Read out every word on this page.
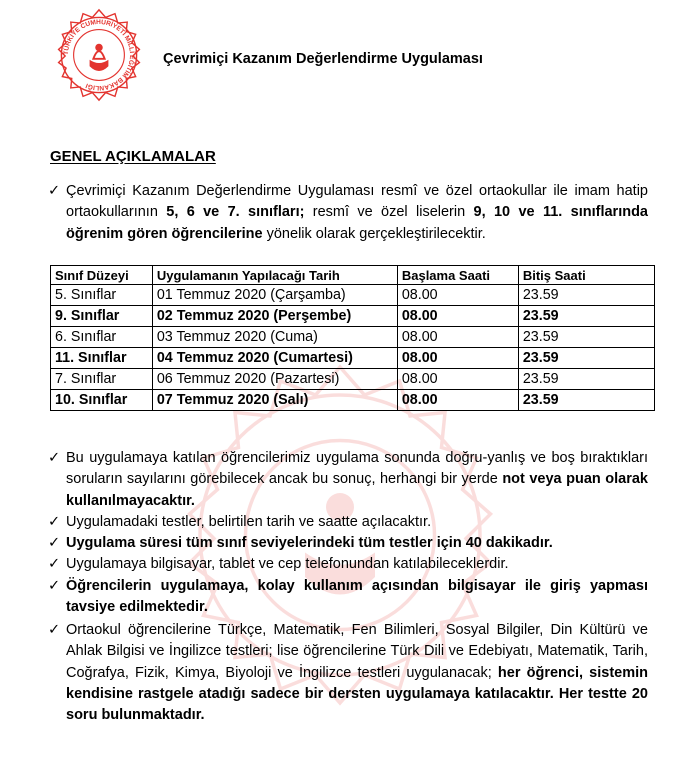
TÜRKİYE CUMHURİYETİ MİLLİ EĞİTİM BAKANLIĞI
Çevrimiçi Kazanım Değerlendirme Uygulaması
GENEL AÇIKLAMALAR
✓ Çevrimiçi Kazanım Değerlendirme Uygulaması resmî ve özel ortaokullar ile imam hatip ortaokullarının 5, 6 ve 7. sınıfları; resmî ve özel liselerin 9, 10 ve 11. sınıflarında öğrenim gören öğrencilerine yönelik olarak gerçekleştirilecektir.
Sınıf Düzeyi	Uygulamanın Yapılacağı Tarih	Başlama Saati	Bitiş Saati
5. Sınıflar	01 Temmuz 2020 (Çarşamba)	08.00	23.59
9. Sınıflar	02 Temmuz 2020 (Perşembe)	08.00	23.59
6. Sınıflar	03 Temmuz 2020 (Cuma)	08.00	23.59
11. Sınıflar	04 Temmuz 2020 (Cumartesi)	08.00	23.59
7. Sınıflar	06 Temmuz 2020 (Pazartesi)	08.00	23.59
10. Sınıflar	07 Temmuz 2020 (Salı)	08.00	23.59
✓ Bu uygulamaya katılan öğrencilerimiz uygulama sonunda doğru-yanlış ve boş bıraktıkları soruların sayılarını görebilecek ancak bu sonuç, herhangi bir yerde not veya puan olarak kullanılmayacaktır.
✓ Uygulamadaki testler, belirtilen tarih ve saatte açılacaktır.
✓ Uygulama süresi tüm sınıf seviyelerindeki tüm testler için 40 dakikadır.
✓ Uygulamaya bilgisayar, tablet ve cep telefonundan katılabileceklerdir.
✓ Öğrencilerin uygulamaya, kolay kullanım açısından bilgisayar ile giriş yapması tavsiye edilmektedir.
✓ Ortaokul öğrencilerine Türkçe, Matematik, Fen Bilimleri, Sosyal Bilgiler, Din Kültürü ve Ahlak Bilgisi ve İngilizce testleri; lise öğrencilerine Türk Dili ve Edebiyatı, Matematik, Tarih, Coğrafya, Fizik, Kimya, Biyoloji ve İngilizce testleri uygulanacak; her öğrenci, sistemin kendisine rastgele atadığı sadece bir dersten uygulamaya katılacaktır. Her testte 20 soru bulunmaktadır.
